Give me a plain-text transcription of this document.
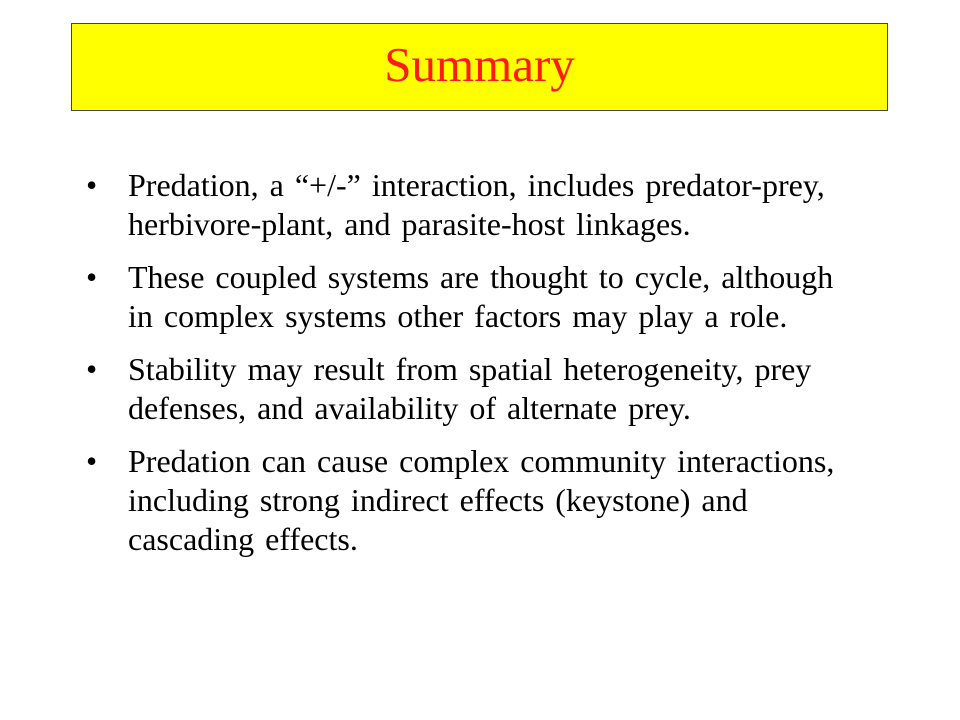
Summary
• Predation, a “+/-” interaction, includes predator-prey, herbivore-plant, and parasite-host linkages.
• These coupled systems are thought to cycle, although in complex systems other factors may play a role.
• Stability may result from spatial heterogeneity, prey defenses, and availability of alternate prey.
• Predation can cause complex community interactions, including strong indirect effects (keystone) and cascading effects.
